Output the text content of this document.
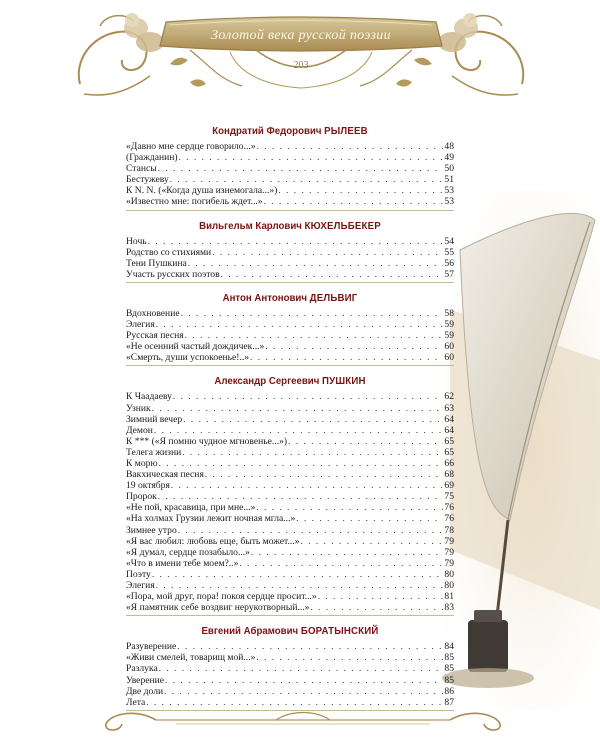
Золотой века русской поэзии
203
Кондратий Федорович РЫЛЕЕВ
«Давно мне сердце говорило...» . . .	48
(Гражданин) . . .	49
Стансы . . .	50
Бестужеву . . .	51
К N. N. («Когда душа изнемогала...») . . .	53
«Известно мне: погибель ждет...» . . .	53
Вильгельм Карлович КЮХЕЛЬБЕКЕР
Ночь . . .	54
Родство со стихиями . . .	55
Тени Пушкина . . .	56
Участь русских поэтов . . .	57
Антон Антонович ДЕЛЬВИГ
Вдохновение . . .	58
Элегия . . .	59
Русская песня . . .	59
«Не осенний частый дождичек...» . . .	60
«Смерть, души успокоенье!..» . . .	60
Александр Сергеевич ПУШКИН
К Чаадаеву . . .	62
Узник . . .	63
Зимний вечер . . .	64
Демон . . .	64
К *** («Я помню чудное мгновенье...») . . .	65
Телега жизни . . .	65
К морю . . .	66
Вакхическая песня . . .	68
19 октября . . .	69
Пророк . . .	75
«Не пой, красавица, при мне...» . . .	76
«На холмах Грузии лежит ночная мгла...» . . .	76
Зимнее утро . . .	78
«Я вас любил: любовь еще, быть может...» . . .	79
«Я думал, сердце позабыло...» . . .	79
«Что в имени тебе моем?..» . . .	79
Поэту . . .	80
Элегия . . .	80
«Пора, мой друг, пора! покоя сердце просит...» . . .	81
«Я памятник себе воздвиг нерукотворный...» . . .	83
Евгений Абрамович БОРАТЫНСКИЙ
Разуверение . . .	84
«Живи смелей, товарищ мой...» . . .	85
Разлука . . .	85
Уверение . . .	85
Две доли . . .	86
Лета . . .	87
